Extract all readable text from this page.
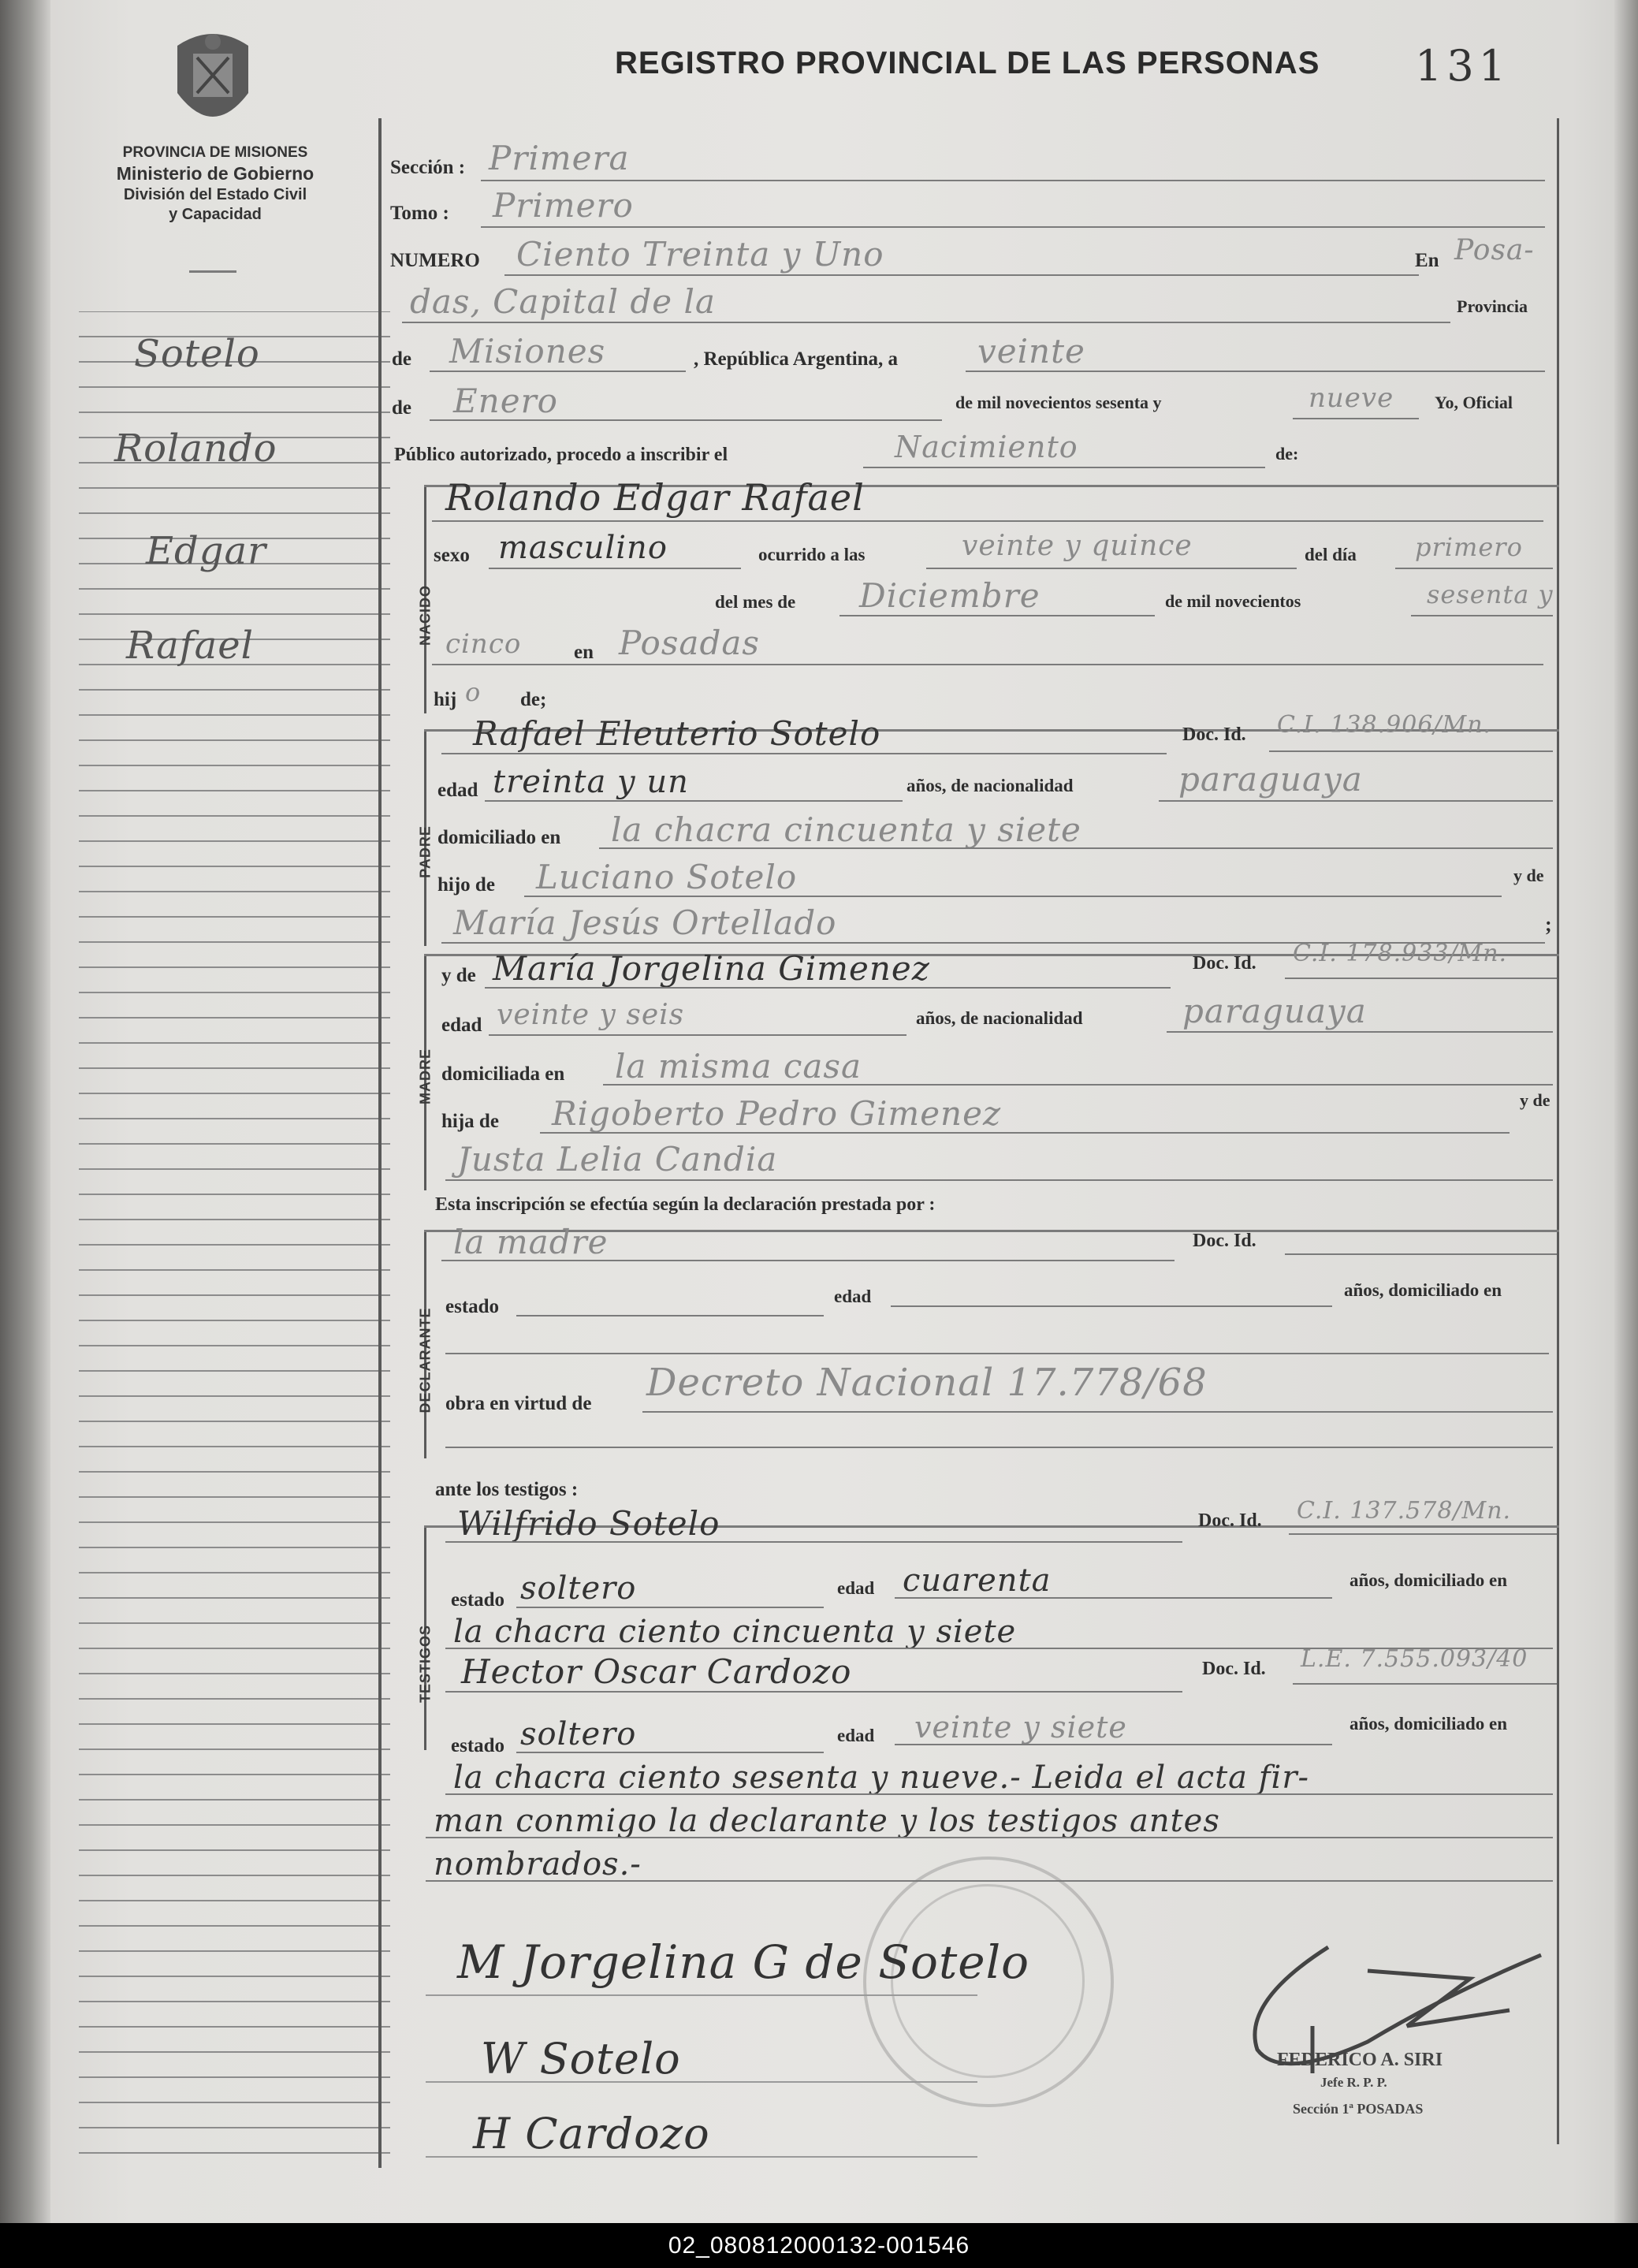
REGISTRO PROVINCIAL DE LAS PERSONAS 131
PROVINCIA DE MISIONES
Ministerio de Gobierno
División del Estado Civil
y Capacidad
Sotelo
Rolando
Edgar
Rafael
Sección : Primera
Tomo : Primero
NUMERO Ciento Treinta y Uno	En Posa-
das, Capital de la	Provincia
de Misiones	, República Argentina, a veinte
de Enero	de mil novecientos sesenta y	nueve Yo, Oficial
Público autorizado, procedo a inscribir el	Nacimiento	de:
NACIDO
Rolando Edgar Rafael
sexo masculino	ocurrido a las	veinte y quince	del día primero
del mes de Diciembre	de mil novecientos	sesenta y
cinco	en Posadas
hij o de;
PADRE
Rafael Eleuterio Sotelo	Doc. Id. C.I. 138.906/Mn.
edad treinta y un	años, de nacionalidad	paraguaya
domiciliado en la chacra cincuenta y siete
hijo de Luciano Sotelo	y de
María Jesús Ortellado	;
MADRE
y de María Jorgelina Gimenez	Doc. Id. C.I. 178.933/Mn.
edad veinte y seis	años, de nacionalidad	paraguaya
domiciliada en la misma casa
hija de Rigoberto Pedro Gimenez	y de
Justa Lelia Candia
Esta inscripción se efectúa según la declaración prestada por :
DECLARANTE
la madre	Doc. Id.
estado	edad	años, domiciliado en
obra en virtud de Decreto Nacional 17.778/68
ante los testigos :
TESTIGOS
Wilfrido Sotelo	Doc. Id. C.I. 137.578/Mn.
estado soltero	edad cuarenta	años, domiciliado en
la chacra ciento cincuenta y siete
Hector Oscar Cardozo	Doc. Id. L.E. 7.555.093/40
estado soltero	edad veinte y siete	años, domiciliado en
la chacra ciento sesenta y nueve.- Leida el acta fir-
man conmigo la declarante y los testigos antes
nombrados.-
M Jorgelina G de Sotelo
W Sotelo
H Cardozo
FEDERICO A. SIRI
Jefe R. P. P.
Sección 1ª POSADAS
02_080812000132-001546
